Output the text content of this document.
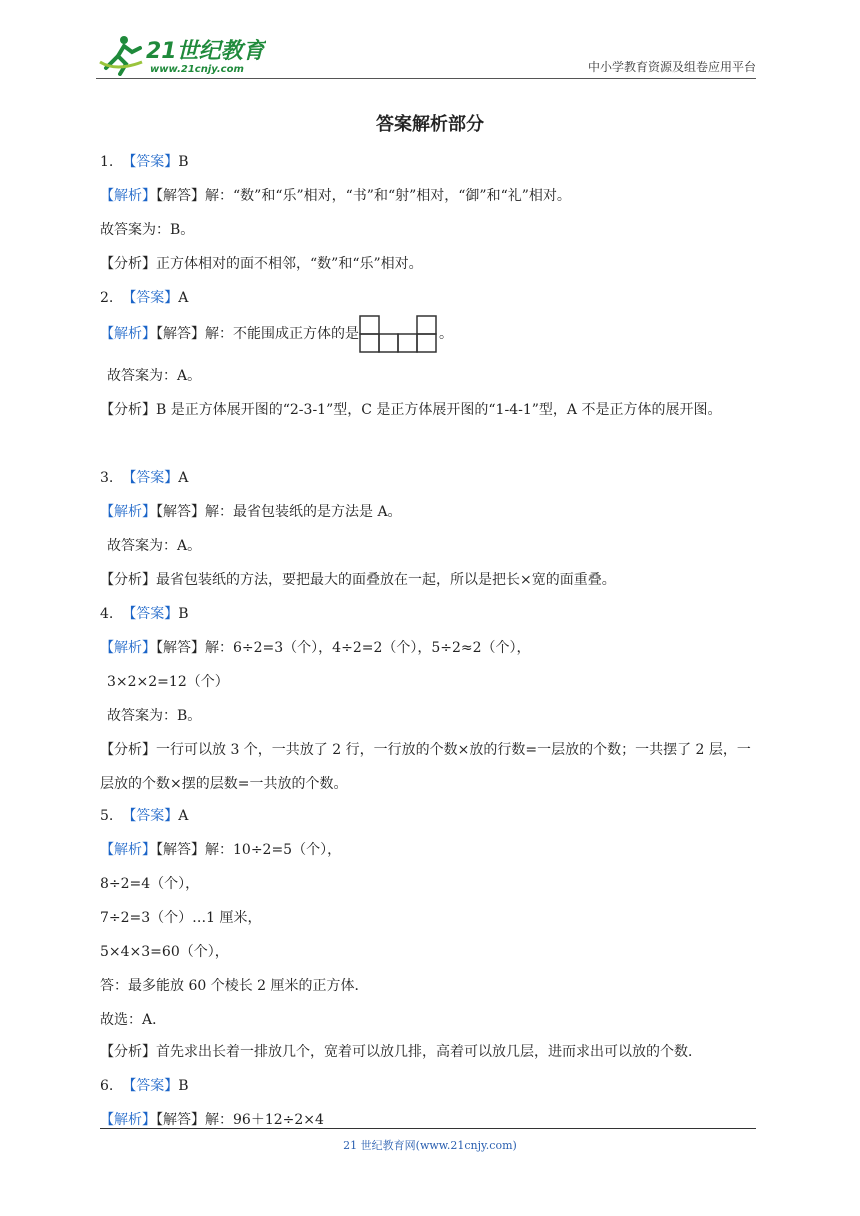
21世纪教育
www.21cnjy.com	中小学教育资源及组卷应用平台
答案解析部分
1. 【答案】B
【解析】【解答】解：“数”和“乐”相对，“书”和“射”相对，“御”和“礼”相对。
故答案为：B。
【分析】正方体相对的面不相邻，“数”和“乐”相对。
2. 【答案】A
【解析】【解答】解：不能围成正方体的是	。
故答案为：A。
【分析】B 是正方体展开图的“2-3-1”型，C 是正方体展开图的“1-4-1”型，A 不是正方体的展开图。
3. 【答案】A
【解析】【解答】解：最省包装纸的是方法是 A。
故答案为：A。
【分析】最省包装纸的方法，要把最大的面叠放在一起，所以是把长×宽的面重叠。
4. 【答案】B
【解析】【解答】解：6÷2=3（个），4÷2=2（个），5÷2≈2（个），
3×2×2=12（个）
故答案为：B。
【分析】一行可以放 3 个，一共放了 2 行，一行放的个数×放的行数=一层放的个数；一共摆了 2 层，一层放的个数×摆的层数=一共放的个数。
5. 【答案】A
【解析】【解答】解：10÷2=5（个），
8÷2=4（个），
7÷2=3（个）…1 厘米，
5×4×3=60（个），
答：最多能放 60 个棱长 2 厘米的正方体．
故选：A．
【分析】首先求出长着一排放几个，宽着可以放几排，高着可以放几层，进而求出可以放的个数．
6. 【答案】B
【解析】【解答】解：96＋12÷2×4
21 世纪教育网(www.21cnjy.com)
